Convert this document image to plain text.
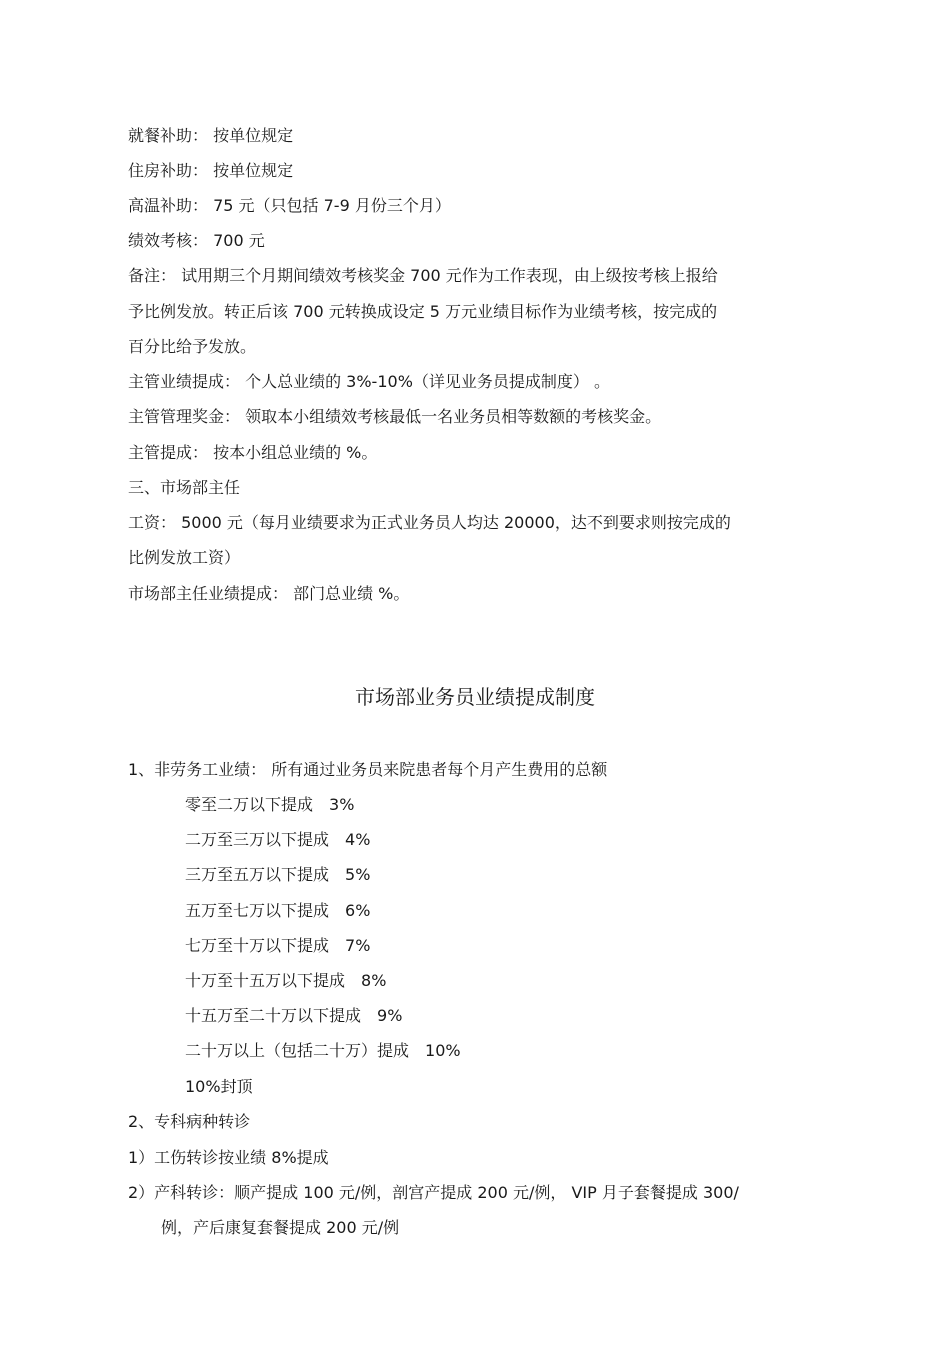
就餐补助： 按单位规定
住房补助： 按单位规定
高温补助： 75 元（只包括 7-9 月份三个月）
绩效考核： 700 元
备注： 试用期三个月期间绩效考核奖金 700 元作为工作表现，由上级按考核上报给
予比例发放。转正后该 700 元转换成设定 5 万元业绩目标作为业绩考核，按完成的
百分比给予发放。
主管业绩提成： 个人总业绩的 3%-10%（详见业务员提成制度） 。
主管管理奖金： 领取本小组绩效考核最低一名业务员相等数额的考核奖金。
主管提成： 按本小组总业绩的 %。
三、市场部主任
工资： 5000 元（每月业绩要求为正式业务员人均达 20000，达不到要求则按完成的
比例发放工资）
市场部主任业绩提成： 部门总业绩 %。
市场部业务员业绩提成制度
1、非劳务工业绩： 所有通过业务员来院患者每个月产生费用的总额
零至二万以下提成 3%
二万至三万以下提成 4%
三万至五万以下提成 5%
五万至七万以下提成 6%
七万至十万以下提成 7%
十万至十五万以下提成 8%
十五万至二十万以下提成 9%
二十万以上（包括二十万）提成 10%
10%封顶
2、专科病种转诊
1）工伤转诊按业绩 8%提成
2）产科转诊：顺产提成 100 元/例，剖宫产提成 200 元/例， VIP 月子套餐提成 300/
例，产后康复套餐提成 200 元/例
